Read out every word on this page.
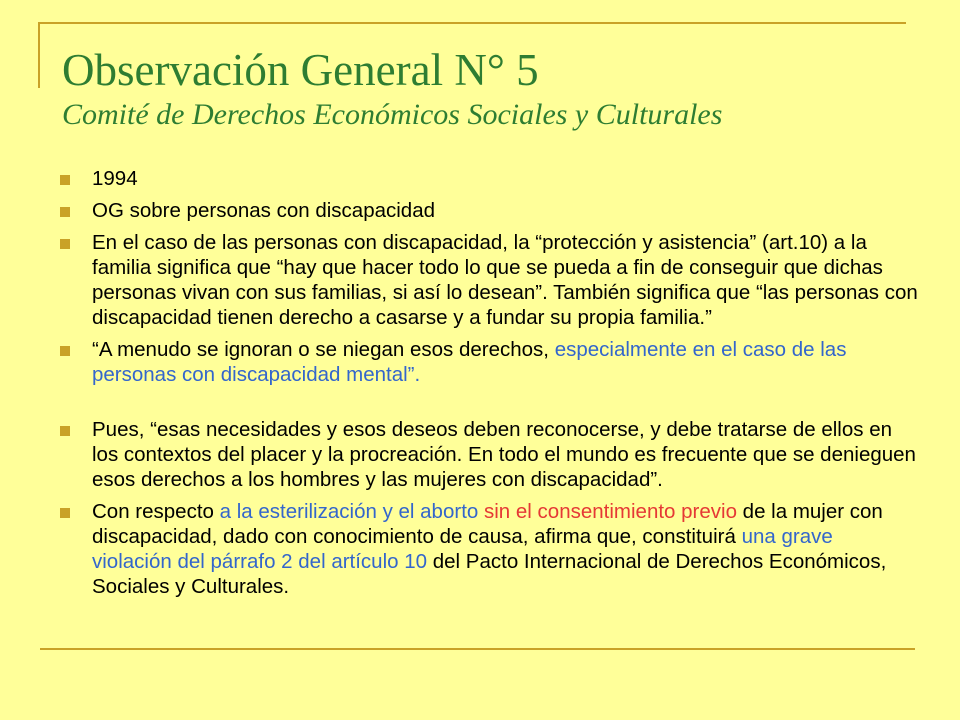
Observación General N° 5
Comité de Derechos Económicos Sociales y Culturales
1994
OG sobre personas con discapacidad
En el caso de las personas con discapacidad, la “protección y asistencia” (art.10) a la familia significa que “hay que hacer todo lo que se pueda a fin de conseguir que dichas personas vivan con sus familias, si así lo desean”. También significa que “las personas con discapacidad tienen derecho a casarse y a fundar su propia familia.”
“A menudo se ignoran o se niegan esos derechos, especialmente en el caso de las personas con discapacidad mental”.
Pues, “esas necesidades y esos deseos deben reconocerse, y debe tratarse de ellos en los contextos del placer y la procreación. En todo el mundo es frecuente que se denieguen esos derechos a los hombres y las mujeres con discapacidad”.
Con respecto a la esterilización y el aborto sin el consentimiento previo de la mujer con discapacidad, dado con conocimiento de causa, afirma que, constituirá una grave violación del párrafo 2 del artículo 10 del Pacto Internacional de Derechos Económicos, Sociales y Culturales.
